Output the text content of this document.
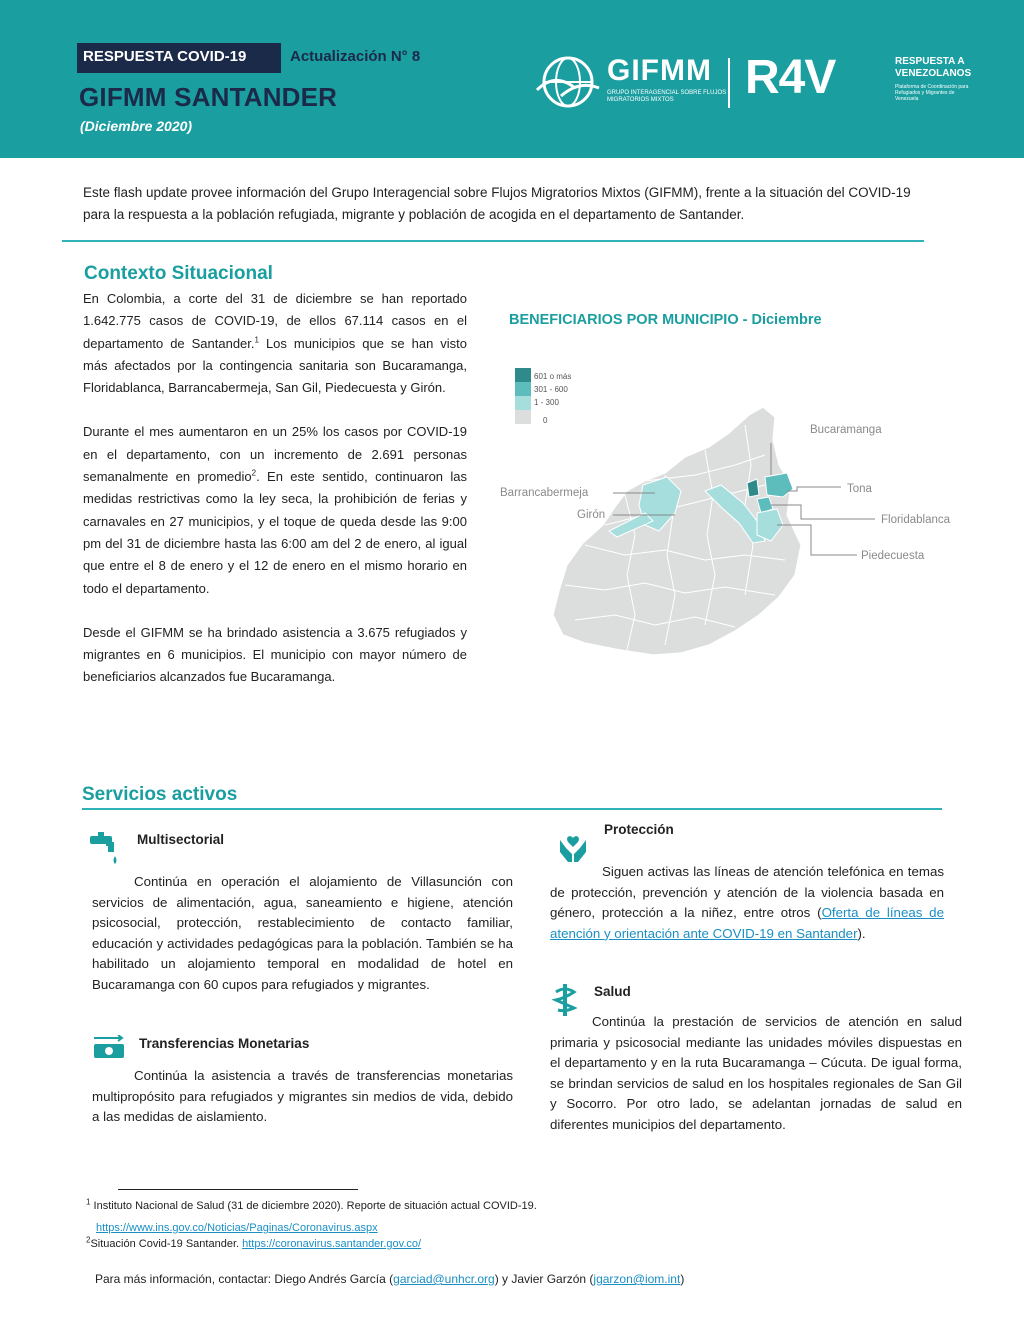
RESPUESTA COVID-19	Actualización N° 8
GIFMM SANTANDER
(Diciembre 2020)
GIFMM
GRUPO INTERAGENCIAL SOBRE FLUJOS MIGRATORIOS MIXTOS	R4V	RESPUESTA A VENEZOLANOS
Plataforma de Coordinación para Refugiados y Migrantes de Venezuela
Este flash update provee información del Grupo Interagencial sobre Flujos Migratorios Mixtos (GIFMM), frente a la situación del COVID-19 para la respuesta a la población refugiada, migrante y población de acogida en el departamento de Santander.
Contexto Situacional

En Colombia, a corte del 31 de diciembre se han reportado 1.642.775 casos de COVID-19, de ellos 67.114 casos en el departamento de Santander.$^1$ Los municipios que se han visto más afectados por la contingencia sanitaria son Bucaramanga, Floridablanca, Barrancabermeja, San Gil, Piedecuesta y Girón.

Durante el mes aumentaron en un 25% los casos por COVID-19 en el departamento, con un incremento de 2.691 personas semanalmente en promedio$^2$. En este sentido, continuaron las medidas restrictivas como la ley seca, la prohibición de ferias y carnavales en 27 municipios, y el toque de queda desde las 9:00 pm del 31 de diciembre hasta las 6:00 am del 2 de enero, al igual que entre el 8 de enero y el 12 de enero en el mismo horario en todo el departamento.

Desde el GIFMM se ha brindado asistencia a 3.675 refugiados y migrantes en 6 municipios. El municipio con mayor número de beneficiarios alcanzados fue Bucaramanga.

BENEFICIARIOS POR MUNICIPIO - Diciembre
601 o más
301 - 600
1 - 300
0
Bucaramanga
Tona
Floridablanca
Piedecuesta
Barrancabermeja
Girón
Servicios activos
Multisectorial
Continúa en operación el alojamiento de Villasunción con servicios de alimentación, agua, saneamiento e higiene, atención psicosocial, protección, restablecimiento de contacto familiar, educación y actividades pedagógicas para la población. También se ha habilitado un alojamiento temporal en modalidad de hotel en Bucaramanga con 60 cupos para refugiados y migrantes.
Transferencias Monetarias
Continúa la asistencia a través de transferencias monetarias multipropósito para refugiados y migrantes sin medios de vida, debido a las medidas de aislamiento.
Protección
Siguen activas las líneas de atención telefónica en temas de protección, prevención y atención de la violencia basada en género, protección a la niñez, entre otros (Oferta de líneas de atención y orientación ante COVID-19 en Santander).
Salud
Continúa la prestación de servicios de atención en salud primaria y psicosocial mediante las unidades móviles dispuestas en el departamento y en la ruta Bucaramanga – Cúcuta. De igual forma, se brindan servicios de salud en los hospitales regionales de San Gil y Socorro. Por otro lado, se adelantan jornadas de salud en diferentes municipios del departamento.
$^1$ Instituto Nacional de Salud (31 de diciembre 2020). Reporte de situación actual COVID-19.
https://www.ins.gov.co/Noticias/Paginas/Coronavirus.aspx
$^2$Situación Covid-19 Santander. https://coronavirus.santander.gov.co/
Para más información, contactar: Diego Andrés García (garciad@unhcr.org) y Javier Garzón (jgarzon@iom.int)
